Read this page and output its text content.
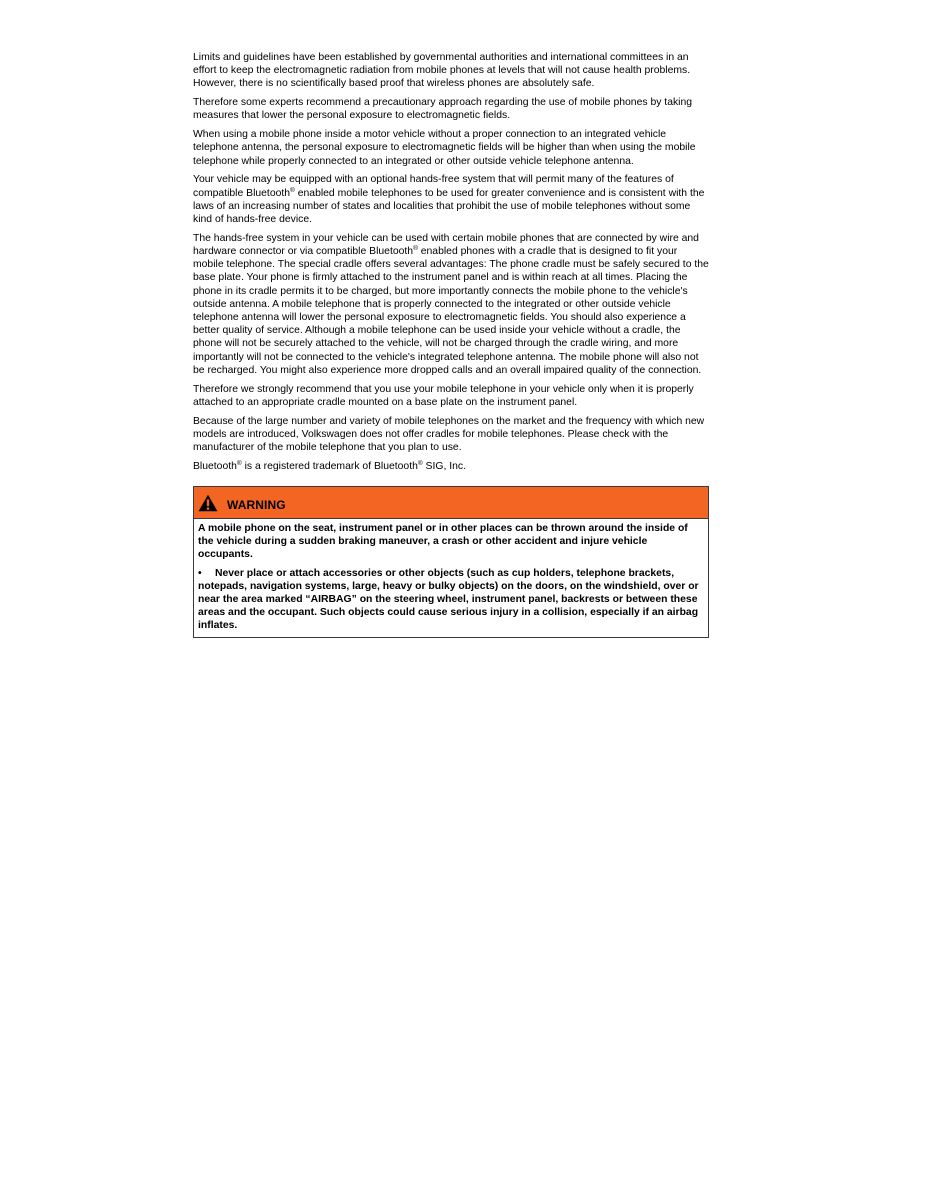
Limits and guidelines have been established by governmental authorities and international committees in an effort to keep the electromagnetic radiation from mobile phones at levels that will not cause health problems. However, there is no scientifically based proof that wireless phones are absolutely safe.

Therefore some experts recommend a precautionary approach regarding the use of mobile phones by taking measures that lower the personal exposure to electromagnetic fields.

When using a mobile phone inside a motor vehicle without a proper connection to an integrated vehicle telephone antenna, the personal exposure to electromagnetic fields will be higher than when using the mobile telephone while properly connected to an integrated or other outside vehicle telephone antenna.

Your vehicle may be equipped with an optional hands-free system that will permit many of the features of compatible Bluetooth® enabled mobile telephones to be used for greater convenience and is consistent with the laws of an increasing number of states and localities that prohibit the use of mobile telephones without some kind of hands-free device.

The hands-free system in your vehicle can be used with certain mobile phones that are connected by wire and hardware connector or via compatible Bluetooth® enabled phones with a cradle that is designed to fit your mobile telephone. The special cradle offers several advantages: The phone cradle must be safely secured to the base plate. Your phone is firmly attached to the instrument panel and is within reach at all times. Placing the phone in its cradle permits it to be charged, but more importantly connects the mobile phone to the vehicle's outside antenna. A mobile telephone that is properly connected to the integrated or other outside vehicle telephone antenna will lower the personal exposure to electromagnetic fields. You should also experience a better quality of service. Although a mobile telephone can be used inside your vehicle without a cradle, the phone will not be securely attached to the vehicle, will not be charged through the cradle wiring, and more importantly will not be connected to the vehicle's integrated telephone antenna. The mobile phone will also not be recharged. You might also experience more dropped calls and an overall impaired quality of the connection.

Therefore we strongly recommend that you use your mobile telephone in your vehicle only when it is properly attached to an appropriate cradle mounted on a base plate on the instrument panel.

Because of the large number and variety of mobile telephones on the market and the frequency with which new models are introduced, Volkswagen does not offer cradles for mobile telephones. Please check with the manufacturer of the mobile telephone that you plan to use.

Bluetooth® is a registered trademark of Bluetooth® SIG, Inc.

WARNING

A mobile phone on the seat, instrument panel or in other places can be thrown around the inside of the vehicle during a sudden braking maneuver, a crash or other accident and injure vehicle occupants.

• Never place or attach accessories or other objects (such as cup holders, telephone brackets, notepads, navigation systems, large, heavy or bulky objects) on the doors, on the windshield, over or near the area marked “AIRBAG” on the steering wheel, instrument panel, backrests or between these areas and the occupant. Such objects could cause serious injury in a collision, especially if an airbag inflates.
